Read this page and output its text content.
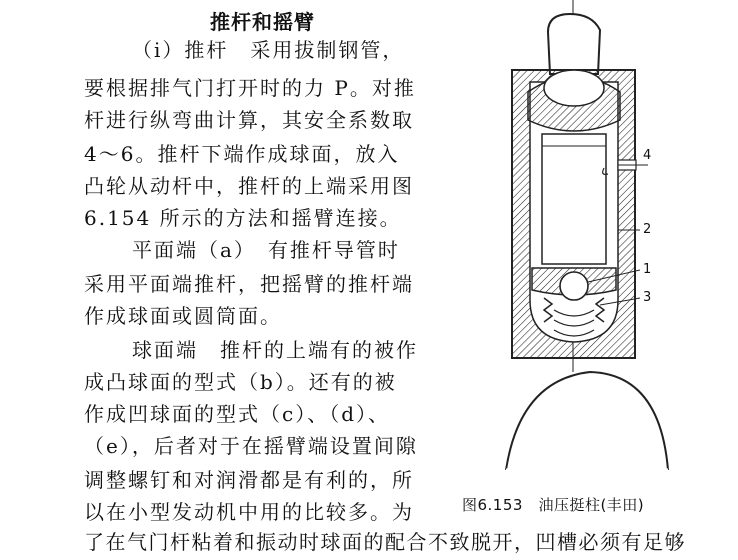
推杆和摇臂
（i）推杆　采用拔制钢管，
要根据排气门打开时的力 P。对推
杆进行纵弯曲计算，其安全系数取
4～6。推杆下端作成球面，放入
凸轮从动杆中，推杆的上端采用图
6.154 所示的方法和摇臂连接。
平面端（a）　有推杆导管时
采用平面端推杆，把摇臂的推杆端
作成球面或圆筒面。
球面端　推杆的上端有的被作
成凸球面的型式（b）。还有的被
作成凹球面的型式（c）、（d）、
（e），后者对于在摇臂端设置间隙
调整螺钉和对润滑都是有利的，所
以在小型发动机中用的比较多。为
了在气门杆粘着和振动时球面的配合不致脱开，凹槽必须有足够
4
2
1
3
图6.153　油压挺柱(丰田)
